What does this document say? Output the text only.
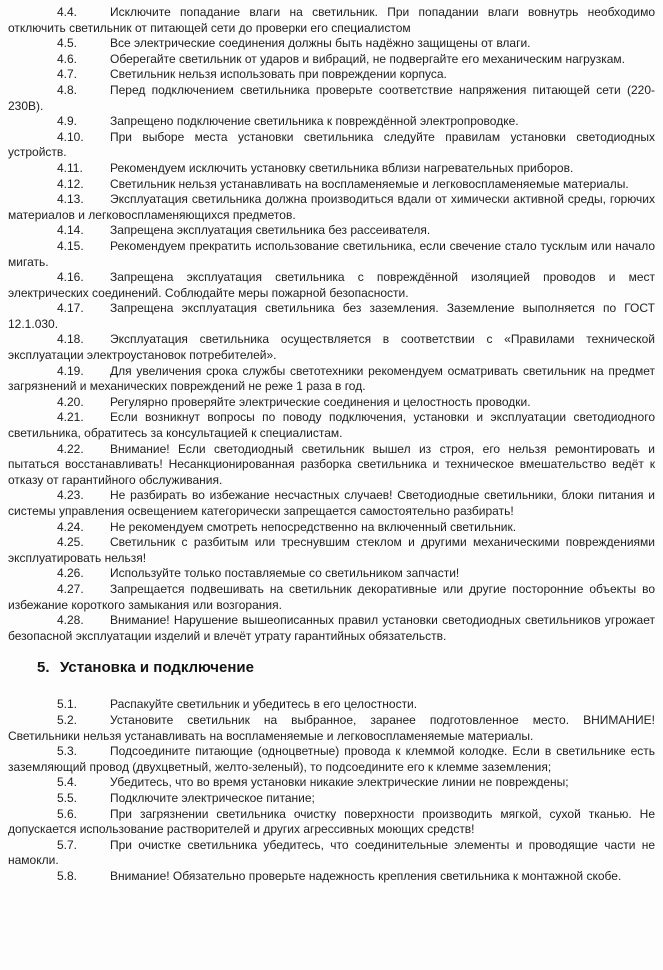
4.4.	Исключите попадание влаги на светильник. При попадании влаги вовнутрь необходимо отключить светильник от питающей сети до проверки его специалистом

4.5.	Все электрические соединения должны быть надёжно защищены от влаги.

4.6.	Оберегайте светильник от ударов и вибраций, не подвергайте его механическим нагрузкам.

4.7.	Светильник нельзя использовать при повреждении корпуса.

4.8.	Перед подключением светильника проверьте соответствие напряжения питающей сети (220-230В).

4.9.	Запрещено подключение светильника к повреждённой электропроводке.

4.10. При выборе места установки светильника следуйте правилам установки светодиодных устройств.

4.11. Рекомендуем исключить установку светильника вблизи нагревательных приборов.

4.12. Светильник нельзя устанавливать на воспламеняемые и легковоспламеняемые материалы.

4.13. Эксплуатация светильника должна производиться вдали от химически активной среды, горючих материалов и легковоспламеняющихся предметов.

4.14. Запрещена эксплуатация светильника без рассеивателя.

4.15. Рекомендуем прекратить использование светильника, если свечение стало тусклым или начало мигать.

4.16. Запрещена эксплуатация светильника с повреждённой изоляцией проводов и мест электрических соединений. Соблюдайте меры пожарной безопасности.

4.17. Запрещена эксплуатация светильника без заземления. Заземление выполняется по ГОСТ 12.1.030.

4.18. Эксплуатация светильника осуществляется в соответствии с «Правилами технической эксплуатации электроустановок потребителей».

4.19. Для увеличения срока службы светотехники рекомендуем осматривать светильник на предмет загрязнений и механических повреждений не реже 1 раза в год.

4.20. Регулярно проверяйте электрические соединения и целостность проводки.

4.21. Если возникнут вопросы по поводу подключения, установки и эксплуатации светодиодного светильника, обратитесь за консультацией к специалистам.

4.22. Внимание! Если светодиодный светильник вышел из строя, его нельзя ремонтировать и пытаться восстанавливать! Несанкционированная разборка светильника и техническое вмешательство ведёт к отказу от гарантийного обслуживания.

4.23. Не разбирать во избежание несчастных случаев! Светодиодные светильники, блоки питания и системы управления освещением категорически запрещается самостоятельно разбирать!

4.24. Не рекомендуем смотреть непосредственно на включенный светильник.

4.25. Светильник с разбитым или треснувшим стеклом и другими механическими повреждениями эксплуатировать нельзя!

4.26. Используйте только поставляемые со светильником запчасти!

4.27. Запрещается подвешивать на светильник декоративные или другие посторонние объекты во избежание короткого замыкания или возгорания.

4.28. Внимание! Нарушение вышеописанных правил установки светодиодных светильников угрожает безопасной эксплуатации изделий и влечёт утрату гарантийных обязательств.

5. Установка и подключение

5.1.	Распакуйте светильник и убедитесь в его целостности.

5.2.	Установите светильник на выбранное, заранее подготовленное место. ВНИМАНИЕ! Светильники нельзя устанавливать на воспламеняемые и легковоспламеняемые материалы.

5.3.	Подсоедините питающие (одноцветные) провода к клеммой колодке. Если в светильнике есть заземляющий провод (двухцветный, желто-зеленый), то подсоедините его к клемме заземления;

5.4.	Убедитесь, что во время установки никакие электрические линии не повреждены;

5.5.	Подключите электрическое питание;

5.6.	При загрязнении светильника очистку поверхности производить мягкой, сухой тканью. Не допускается использование растворителей и других агрессивных моющих средств!

5.7.	При очистке светильника убедитесь, что соединительные элементы и проводящие части не намокли.

5.8.	Внимание! Обязательно проверьте надежность крепления светильника к монтажной скобе.
